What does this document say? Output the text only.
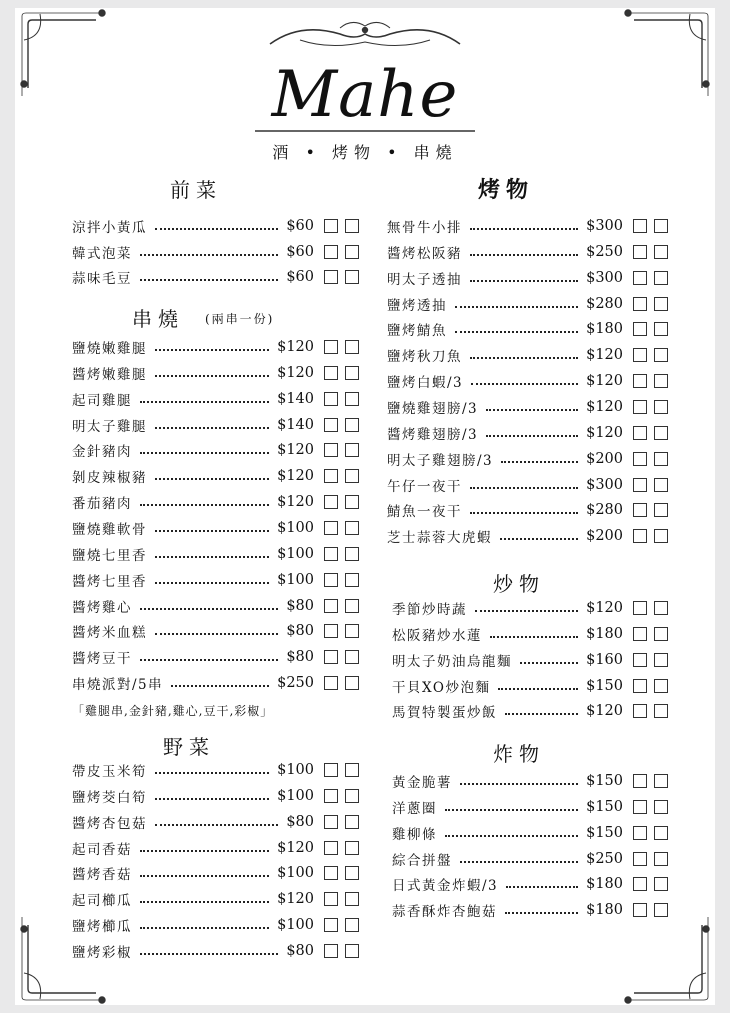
Mahe
酒 • 烤物 • 串燒
前菜
串燒 (兩串一份)
「雞腿串,金針豬,雞心,豆干,彩椒」
野菜
烤物
炒物
炸物
涼拌小黃瓜	$60
韓式泡菜	$60
蒜味毛豆	$60
鹽燒嫩雞腿	$120
醬烤嫩雞腿	$120
起司雞腿	$140
明太子雞腿	$140
金針豬肉	$120
剝皮辣椒豬	$120
番茄豬肉	$120
鹽燒雞軟骨	$100
鹽燒七里香	$100
醬烤七里香	$100
醬烤雞心	$80
醬烤米血糕	$80
醬烤豆干	$80
串燒派對/5串	$250
帶皮玉米筍	$100
鹽烤茭白筍	$100
醬烤杏包菇	$80
起司香菇	$120
醬烤香菇	$100
起司櫛瓜	$120
鹽烤櫛瓜	$100
鹽烤彩椒	$80
無骨牛小排	$300
醬烤松阪豬	$250
明太子透抽	$300
鹽烤透抽	$280
鹽烤鯖魚	$180
鹽烤秋刀魚	$120
鹽烤白蝦/3	$120
鹽燒雞翅膀/3	$120
醬烤雞翅膀/3	$120
明太子雞翅膀/3	$200
午仔一夜干	$300
鯖魚一夜干	$280
芝士蒜蓉大虎蝦	$200
季節炒時蔬	$120
松阪豬炒水蓮	$180
明太子奶油烏龍麵	$160
干貝XO炒泡麵	$150
馬賀特製蛋炒飯	$120
黃金脆薯	$150
洋蔥圈	$150
雞柳條	$150
綜合拼盤	$250
日式黃金炸蝦/3	$180
蒜香酥炸杏鮑菇	$180
